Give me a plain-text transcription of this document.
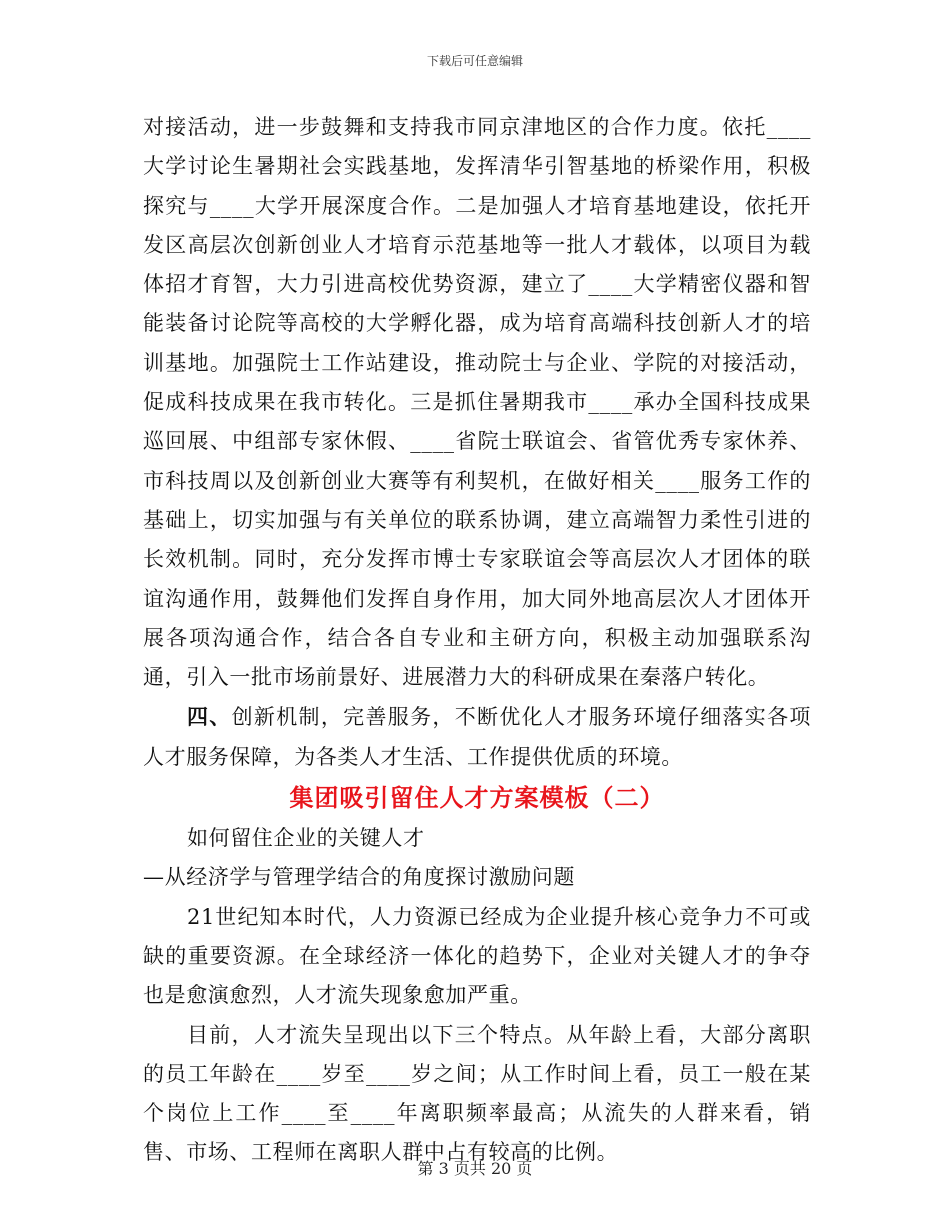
下载后可任意编辑

对接活动，进一步鼓舞和支持我市同京津地区的合作力度。依托____大学讨论生暑期社会实践基地，发挥清华引智基地的桥梁作用，积极探究与____大学开展深度合作。二是加强人才培育基地建设，依托开发区高层次创新创业人才培育示范基地等一批人才载体，以项目为载体招才育智，大力引进高校优势资源，建立了____大学精密仪器和智能装备讨论院等高校的大学孵化器，成为培育高端科技创新人才的培训基地。加强院士工作站建设，推动院士与企业、学院的对接活动，促成科技成果在我市转化。三是抓住暑期我市____承办全国科技成果巡回展、中组部专家休假、____省院士联谊会、省管优秀专家休养、市科技周以及创新创业大赛等有利契机，在做好相关____服务工作的基础上，切实加强与有关单位的联系协调，建立高端智力柔性引进的长效机制。同时，充分发挥市博士专家联谊会等高层次人才团体的联谊沟通作用，鼓舞他们发挥自身作用，加大同外地高层次人才团体开展各项沟通合作，结合各自专业和主研方向，积极主动加强联系沟通，引入一批市场前景好、进展潜力大的科研成果在秦落户转化。

四、创新机制，完善服务，不断优化人才服务环境仔细落实各项人才服务保障，为各类人才生活、工作提供优质的环境。

集团吸引留住人才方案模板（二）

如何留住企业的关键人才

—从经济学与管理学结合的角度探讨激励问题

21世纪知本时代，人力资源已经成为企业提升核心竞争力不可或缺的重要资源。在全球经济一体化的趋势下，企业对关键人才的争夺也是愈演愈烈，人才流失现象愈加严重。

目前，人才流失呈现出以下三个特点。从年龄上看，大部分离职的员工年龄在____岁至____岁之间；从工作时间上看，员工一般在某个岗位上工作____至____年离职频率最高；从流失的人群来看，销售、市场、工程师在离职人群中占有较高的比例。

第 3 页共 20 页
